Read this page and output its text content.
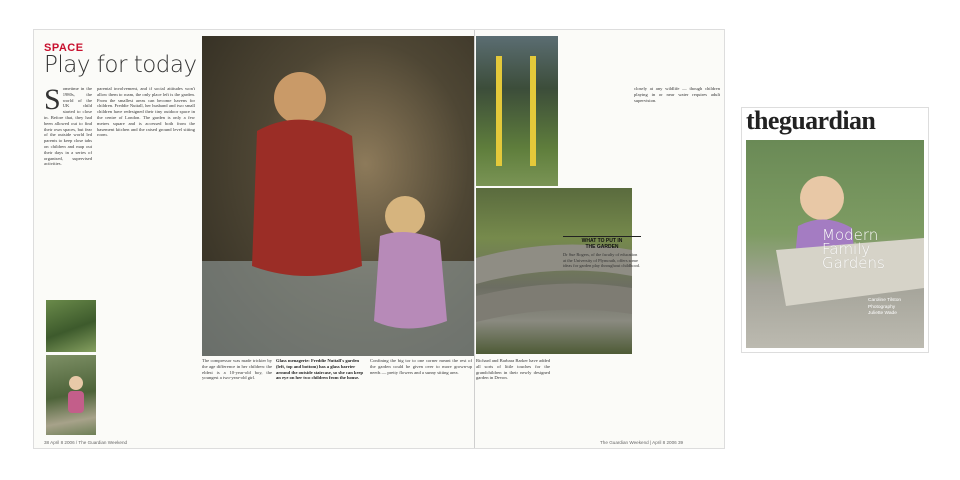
SPACE
Play for today
S ometime in the 1980s, the world of the UK child started to close in. Before that, they had been allowed out to find their own spaces, but fear of the outside world led parents to keep close tabs on children and map out their days in a series of organised, supervised activities.
parental involvement, and if social attitudes won't allow them to roam, the only place left is the garden. From the smallest areas can become havens for children. Freddie Nuttall, her husband and two small children have redesigned their tiny outdoor space in the centre of London. The garden is only a few metres square and is accessed both from the basement kitchen and the raised ground level sitting room.
The compressor was made trickier by the age difference in her children: the eldest is a 10-year-old boy, the youngest a two-year-old girl.
Glass menagerie: Freddie Nuttall's garden (left, top and bottom) has a glass barrier around the outside staircase, so she can keep an eye on her two children from the house.
Confining the big tor to one corner meant the rest of the garden could be given over to more grown-up needs — pretty flowers and a sunny sitting area.
Richard and Barbara Barker have added all sorts of little touches for the grandchildren in their newly designed garden in Devon.
closely at any wildlife — though children playing in or near water requires adult supervision.
WHAT TO PUT IN
THE GARDEN

Dr Sue Rogers, of the faculty of education at the University of Plymouth, offers some ideas for garden play throughout childhood.

38 April 8 2006 / The Guardian Weekend	The Guardian Weekend | April 8 2006 39
theguardian
Modern
Family
Gardens
Caroline Tilston
Photography
Juliette Wade
